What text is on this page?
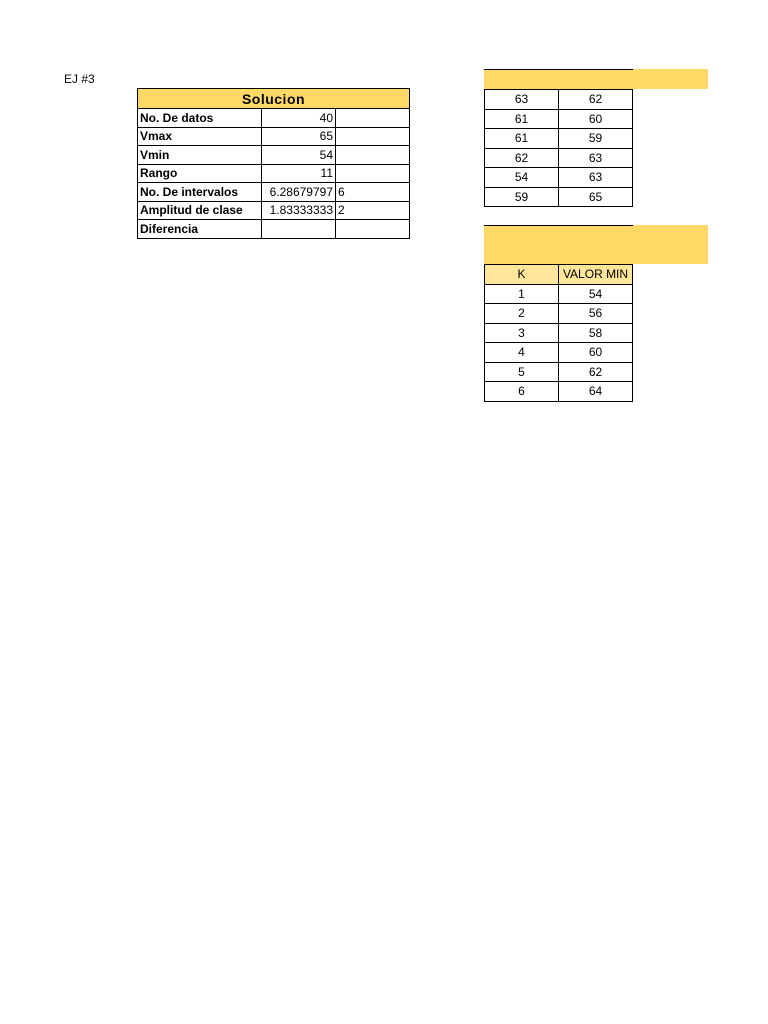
EJ #3
Solucion		
No. De datos	40	
Vmax	65	
Vmin	54	
Rango	11	
No. De intervalos	6.28679797	6
Amplitud de clase	1.83333333	2
Diferencia		
63	62
61	60
61	59
62	63
54	63
59	65
K	VALOR MIN
1	54
2	56
3	58
4	60
5	62
6	64
